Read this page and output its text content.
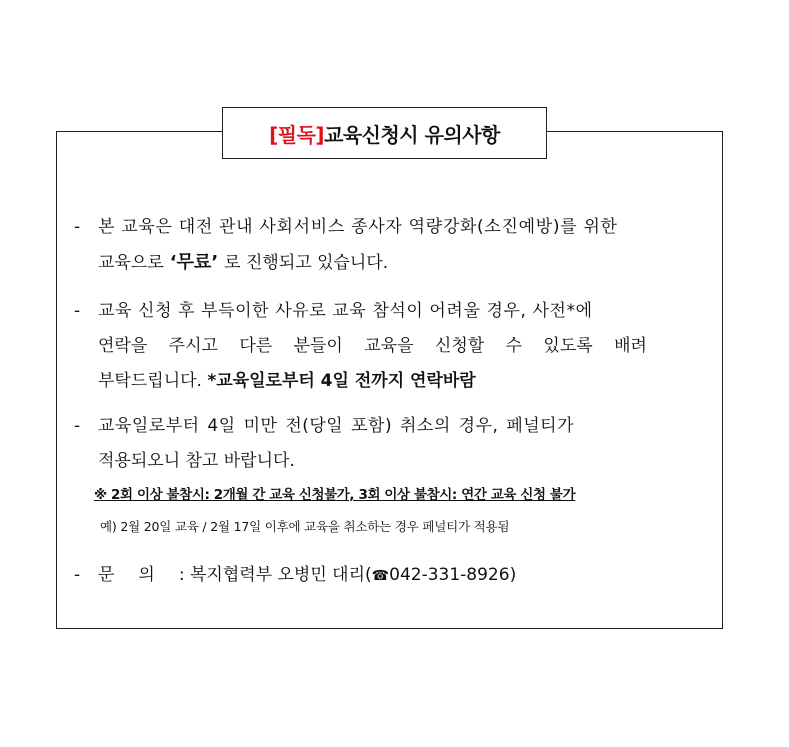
[필독] 교육신청시 유의사항
- 본 교육은 대전 관내 사회서비스 종사자 역량강화(소진예방)를 위한
교육으로 ‘무료’ 로 진행되고 있습니다.
- 교육 신청 후 부득이한 사유로 교육 참석이 어려울 경우, 사전*에
연락을 주시고 다른 분들이 교육을 신청할 수 있도록 배려
부탁드립니다. *교육일로부터 4일 전까지 연락바람
- 교육일로부터 4일 미만 전(당일 포함) 취소의 경우, 페널티가
적용되오니 참고 바랍니다.
※ 2회 이상 불참시: 2개월 간 교육 신청불가, 3회 이상 불참시: 연간 교육 신청 불가
예) 2월 20일 교육 / 2월 17일 이후에 교육을 취소하는 경우 페널티가 적용됨
- 문의: 복지협력부 오병민 대리(☎042-331-8926)
